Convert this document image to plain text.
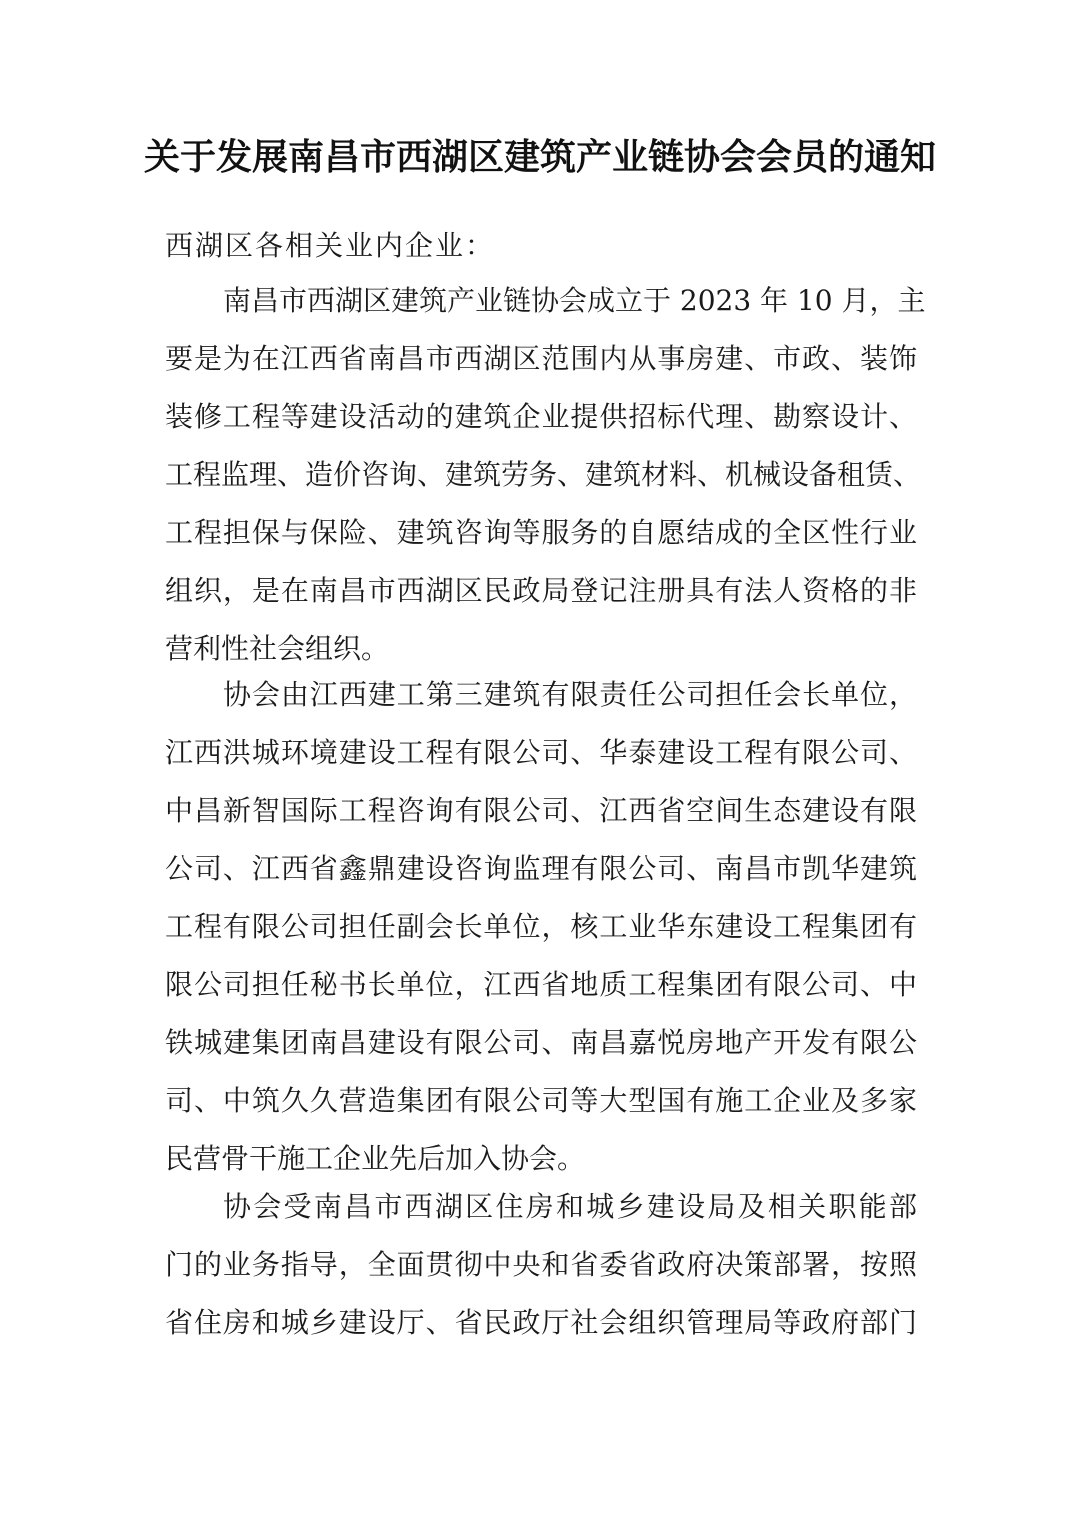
关于发展南昌市西湖区建筑产业链协会会员的通知
西湖区各相关业内企业：
南昌市西湖区建筑产业链协会成立于 2023 年 10 月，主
要是为在江西省南昌市西湖区范围内从事房建、市政、装饰
装修工程等建设活动的建筑企业提供招标代理、勘察设计、
工程监理、造价咨询、建筑劳务、建筑材料、机械设备租赁、
工程担保与保险、建筑咨询等服务的自愿结成的全区性行业
组织，是在南昌市西湖区民政局登记注册具有法人资格的非
营利性社会组织。
协会由江西建工第三建筑有限责任公司担任会长单位，
江西洪城环境建设工程有限公司、华泰建设工程有限公司、
中昌新智国际工程咨询有限公司、江西省空间生态建设有限
公司、江西省鑫鼎建设咨询监理有限公司、南昌市凯华建筑
工程有限公司担任副会长单位，核工业华东建设工程集团有
限公司担任秘书长单位，江西省地质工程集团有限公司、中
铁城建集团南昌建设有限公司、南昌嘉悦房地产开发有限公
司、中筑久久营造集团有限公司等大型国有施工企业及多家
民营骨干施工企业先后加入协会。
协会受南昌市西湖区住房和城乡建设局及相关职能部
门的业务指导，全面贯彻中央和省委省政府决策部署，按照
省住房和城乡建设厅、省民政厅社会组织管理局等政府部门
